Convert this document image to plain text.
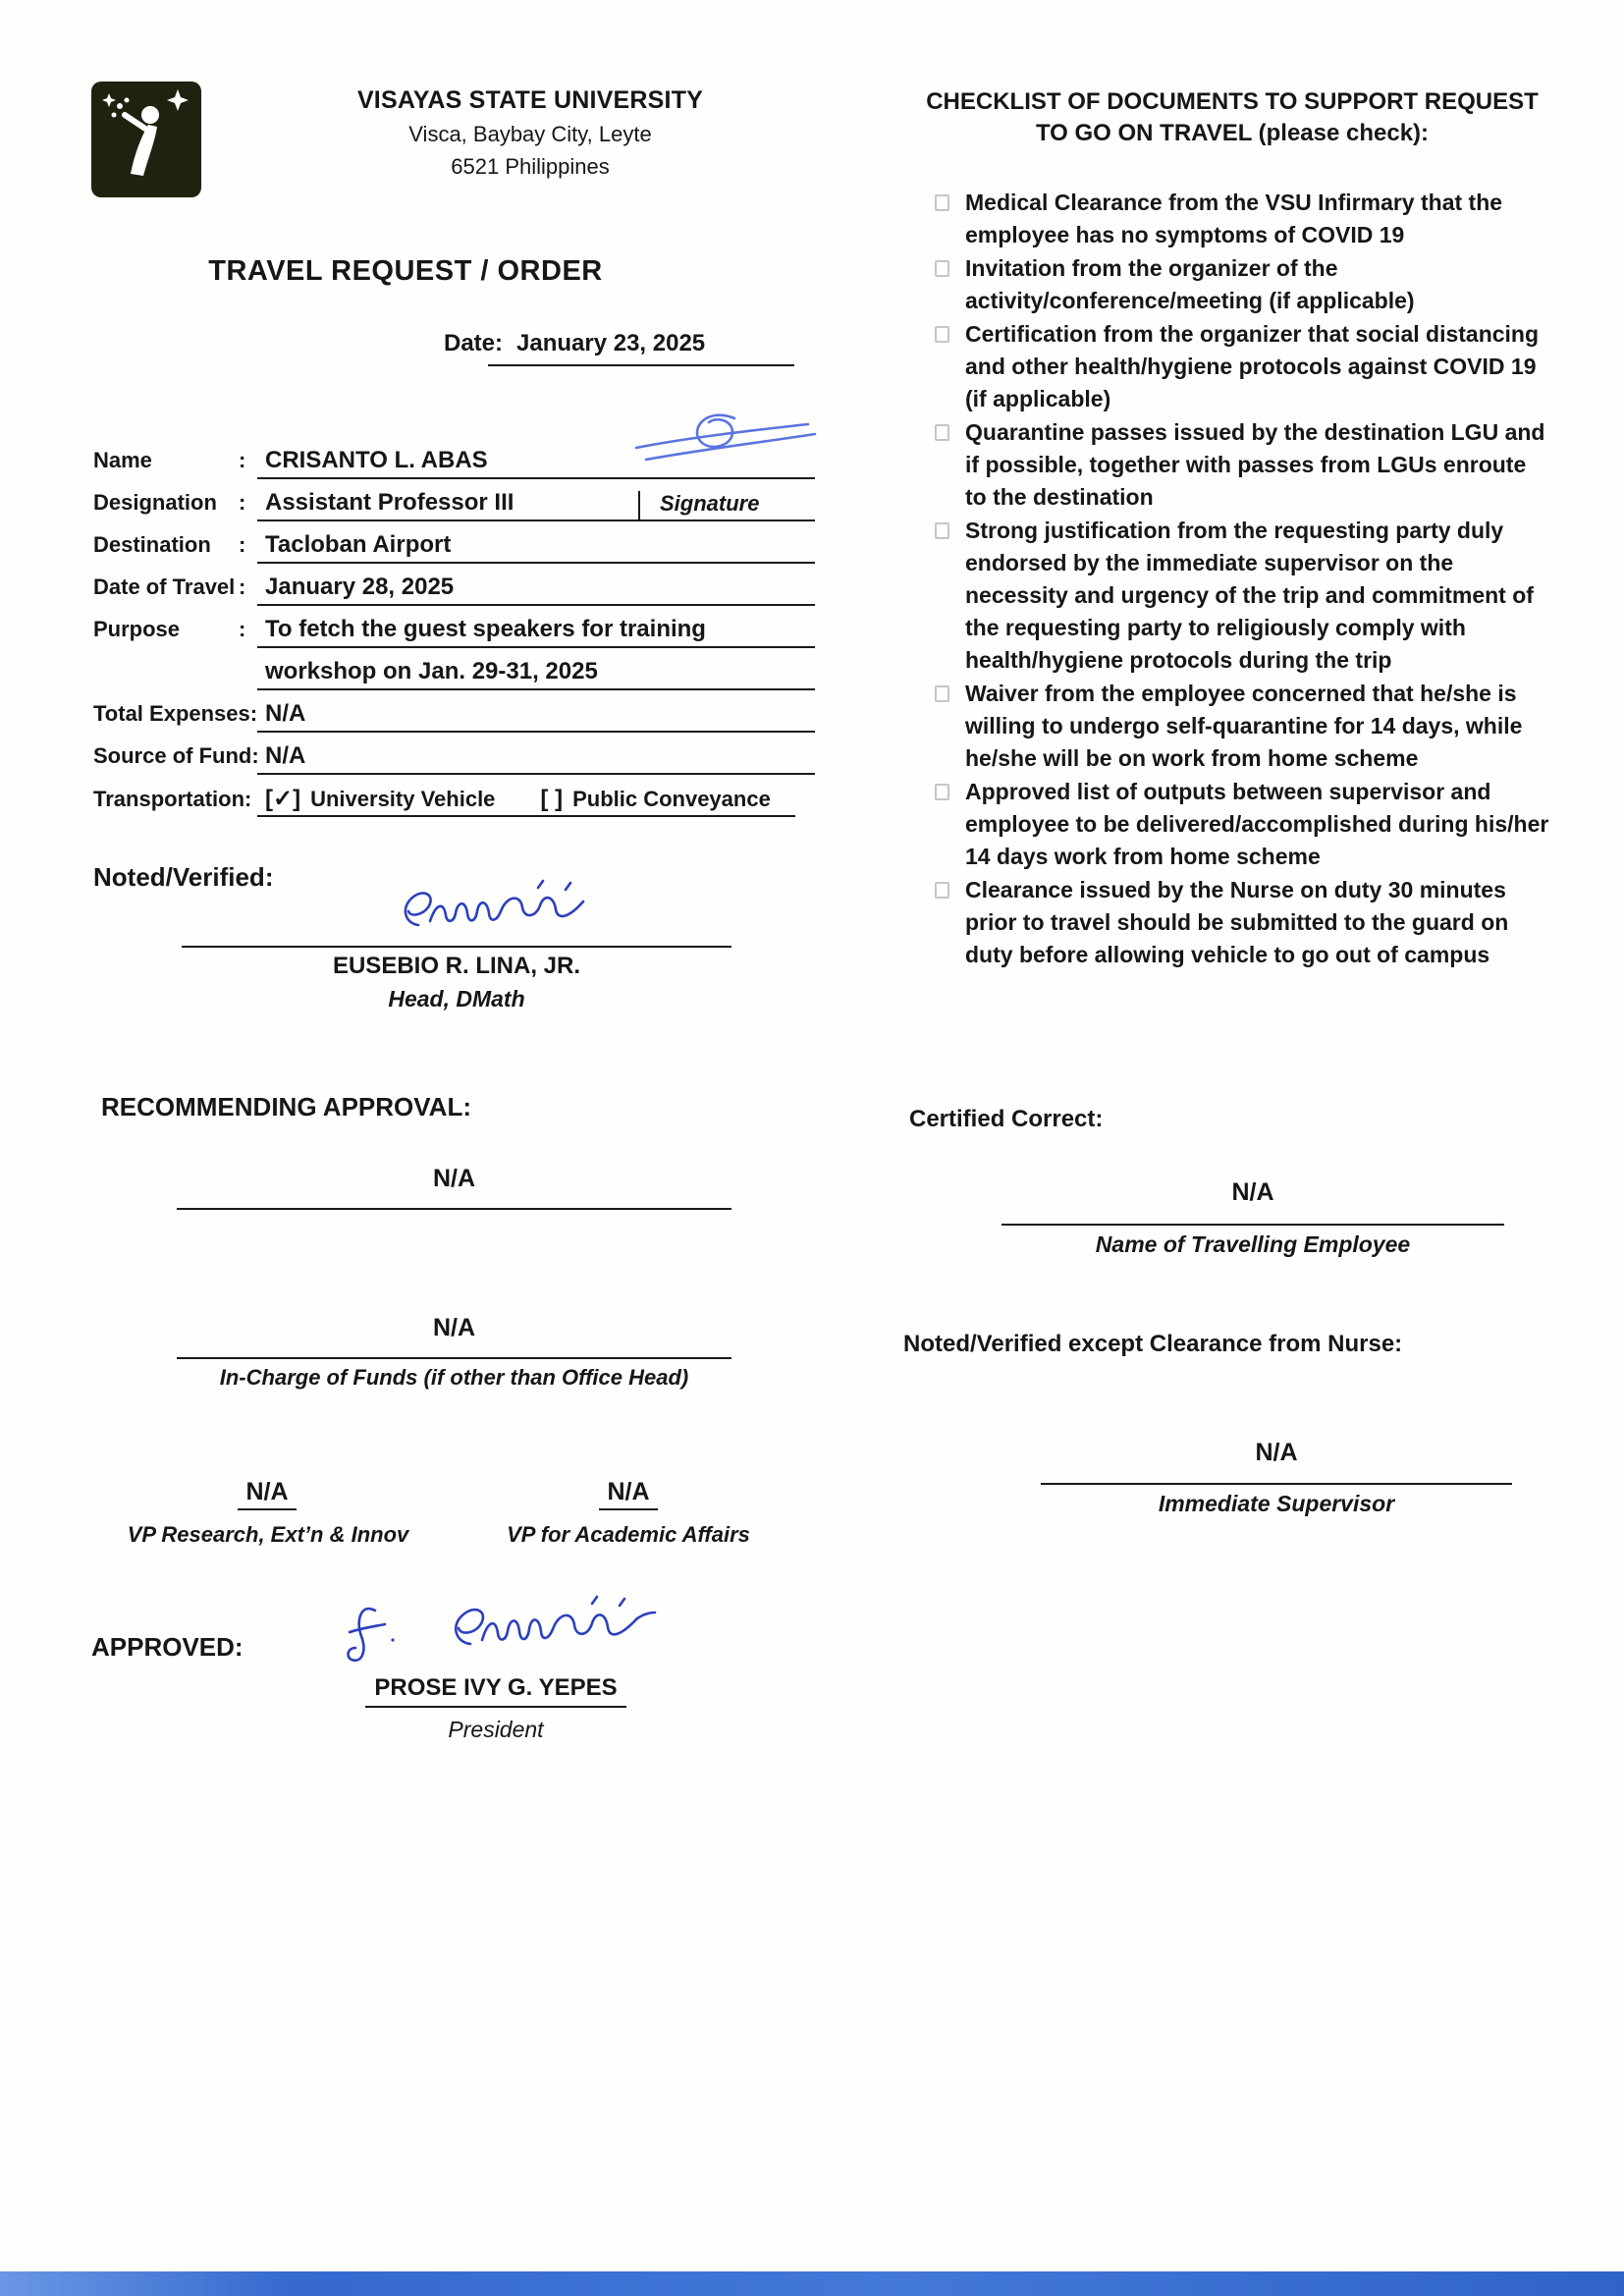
VISAYAS STATE UNIVERSITY
Visca, Baybay City, Leyte
6521 Philippines
TRAVEL REQUEST / ORDER
Date: January 23, 2025
Name	: CRISANTO L. ABAS
Designation	: Assistant Professor III	Signature
Destination	: Tacloban Airport
Date of Travel : January 28, 2025
Purpose	: To fetch the guest speakers for training
workshop on Jan. 29-31, 2025
Total Expenses: N/A
Source of Fund: N/A
Transportation: [✓] University Vehicle [ ] Public Conveyance
Noted/Verified:
EUSEBIO R. LINA, JR.
Head, DMath
RECOMMENDING APPROVAL:
N/A
N/A
In-Charge of Funds (if other than Office Head)
N/A
VP Research, Ext’n & Innov
N/A
VP for Academic Affairs
APPROVED:
PROSE IVY G. YEPES
President
CHECKLIST OF DOCUMENTS TO SUPPORT REQUEST
TO GO ON TRAVEL (please check):
Medical Clearance from the VSU Infirmary that the employee has no symptoms of COVID 19
Invitation from the organizer of the activity/conference/meeting (if applicable)
Certification from the organizer that social distancing and other health/hygiene protocols against COVID 19 (if applicable)
Quarantine passes issued by the destination LGU and if possible, together with passes from LGUs enroute to the destination
Strong justification from the requesting party duly endorsed by the immediate supervisor on the necessity and urgency of the trip and commitment of the requesting party to religiously comply with health/hygiene protocols during the trip
Waiver from the employee concerned that he/she is willing to undergo self-quarantine for 14 days, while he/she will be on work from home scheme
Approved list of outputs between supervisor and employee to be delivered/accomplished during his/her 14 days work from home scheme
Clearance issued by the Nurse on duty 30 minutes prior to travel should be submitted to the guard on duty before allowing vehicle to go out of campus
Certified Correct:
N/A
Name of Travelling Employee
Noted/Verified except Clearance from Nurse:
N/A
Immediate Supervisor
